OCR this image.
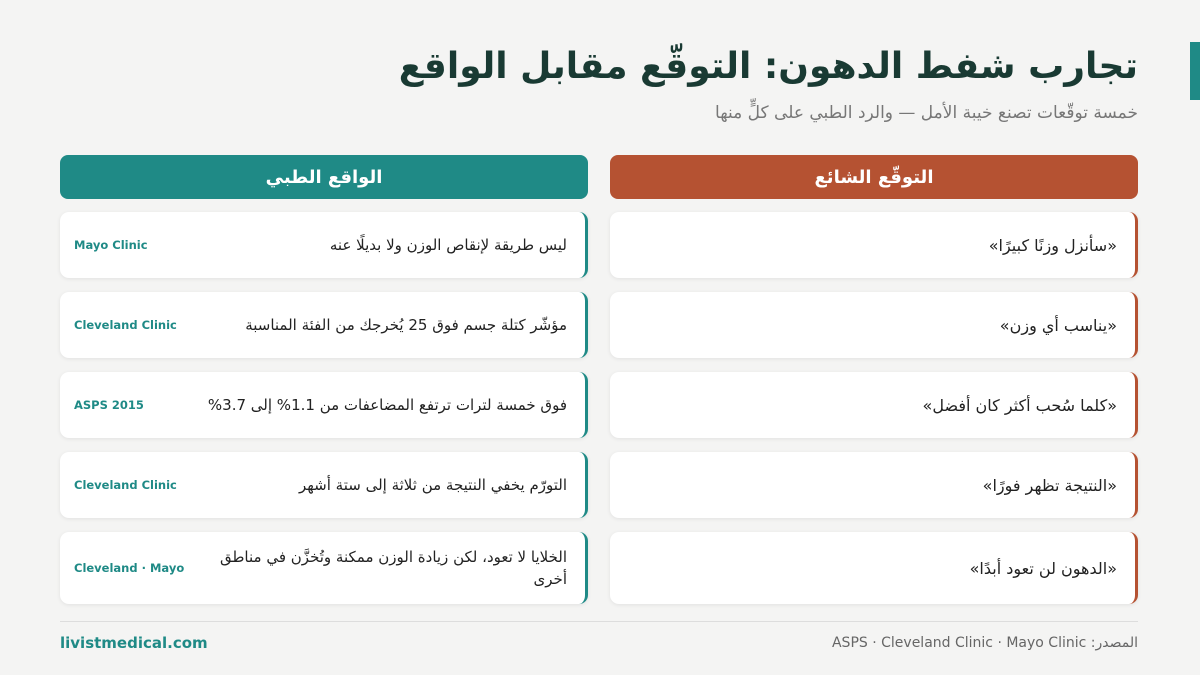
تجارب شفط الدهون: التوقّع مقابل الواقع

خمسة توقّعات تصنع خيبة الأمل — والرد الطبي على كلٍّ منها

التوقّع الشائع
الواقع الطبي
«سأنزل وزنًا كبيرًا»
ليس طريقة لإنقاص الوزن ولا بديلًا عنه
Mayo Clinic
«يناسب أي وزن»
مؤشّر كتلة جسم فوق 25 يُخرجك من الفئة المناسبة
Cleveland Clinic
«كلما سُحب أكثر كان أفضل»
فوق خمسة لترات ترتفع المضاعفات من 1.1% إلى 3.7%
ASPS 2015
«النتيجة تظهر فورًا»
التورّم يخفي النتيجة من ثلاثة إلى ستة أشهر
Cleveland Clinic
«الدهون لن تعود أبدًا»
الخلايا لا تعود، لكن زيادة الوزن ممكنة وتُخزَّن في مناطق أخرى
Cleveland · Mayo
livistmedical.com	المصدر: ASPS · Cleveland Clinic · Mayo Clinic
